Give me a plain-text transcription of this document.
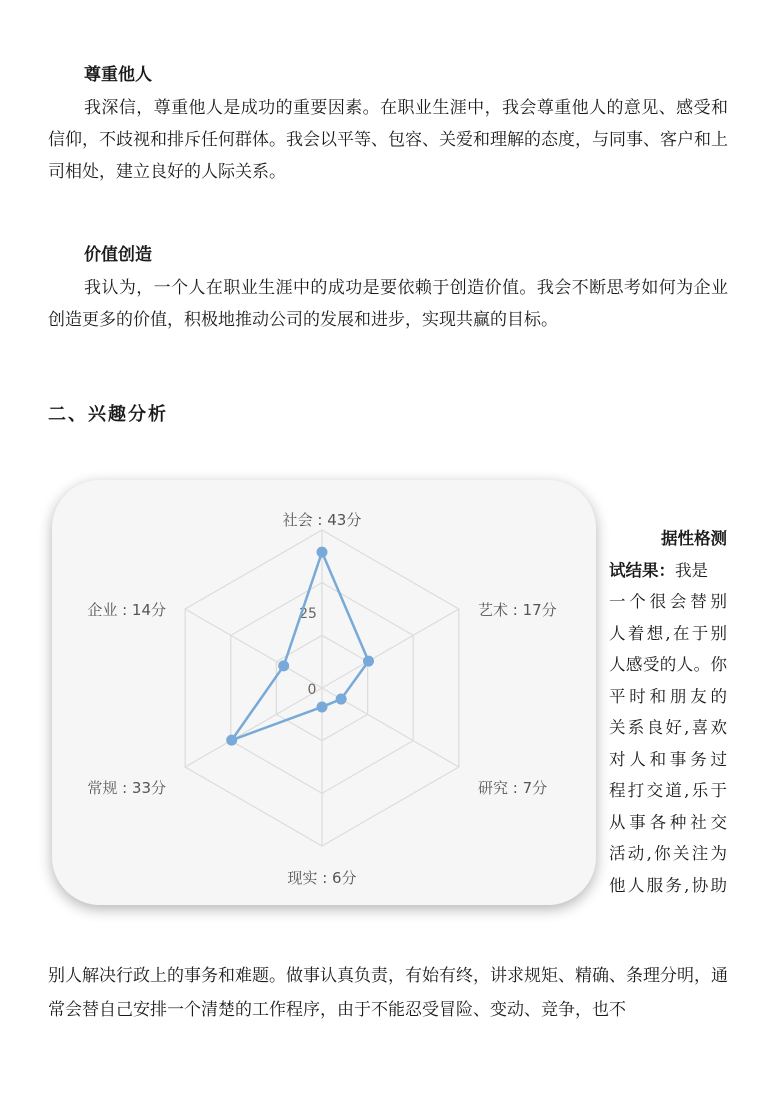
尊重他人

我深信，尊重他人是成功的重要因素。在职业生涯中，我会尊重他人的意见、感受和信仰，不歧视和排斥任何群体。我会以平等、包容、关爱和理解的态度，与同事、客户和上司相处，建立良好的人际关系。

价值创造

我认为，一个人在职业生涯中的成功是要依赖于创造价值。我会不断思考如何为企业创造更多的价值，积极地推动公司的发展和进步，实现共赢的目标。

二、兴趣分析
0
25
社会 : 43分
艺术 : 17分
研究 : 7分
现实 : 6分
常规 : 33分
企业 : 14分

据性格测
试结果：我是
一个很会替别
人着想,在于别
人感受的人。你
平时和朋友的
关系良好,喜欢
对人和事务过
程打交道,乐于
从事各种社交
活动,你关注为
他人服务,协助

别人解决行政上的事务和难题。做事认真负责，有始有终，讲求规矩、精确、条理分明，通常会替自己安排一个清楚的工作程序，由于不能忍受冒险、变动、竞争，也不
